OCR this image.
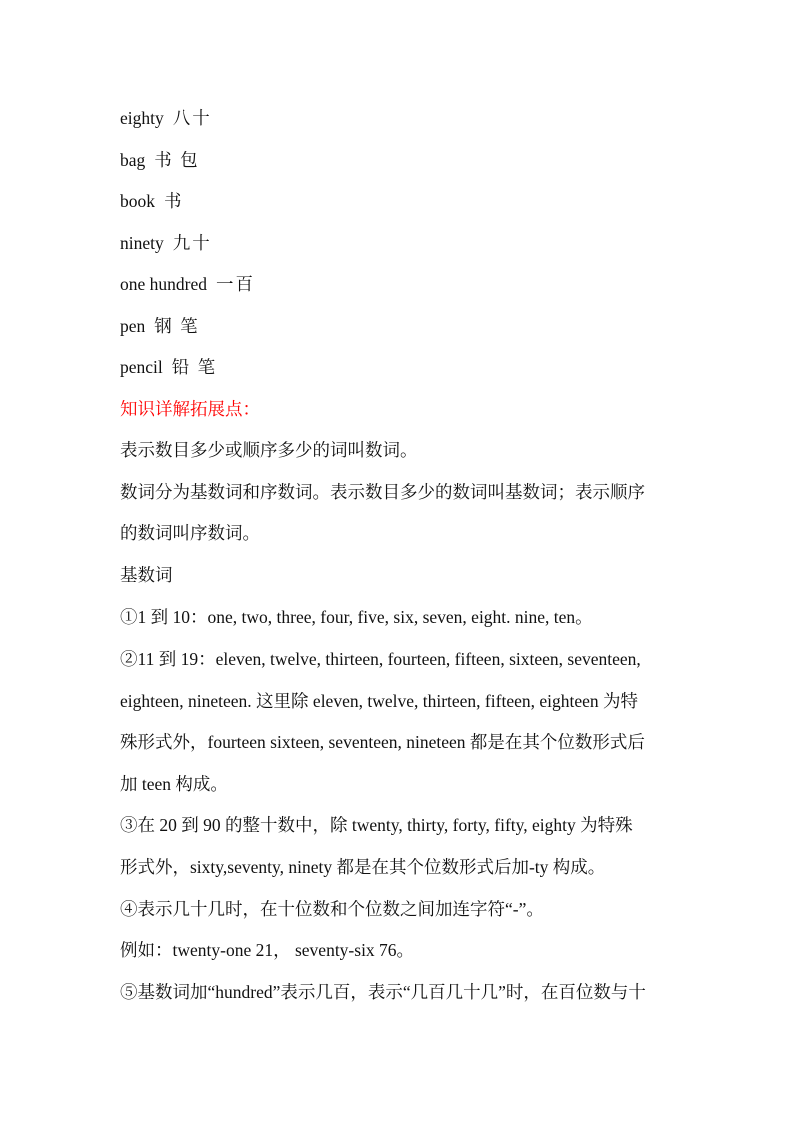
eighty 八十
bag 书 包
book 书
ninety 九十
one hundred 一百
pen 钢 笔
pencil 铅 笔
知识详解拓展点：
表示数目多少或顺序多少的词叫数词。
数词分为基数词和序数词。表示数目多少的数词叫基数词；表示顺序
的数词叫序数词。
基数词
①1 到 10：one, two, three, four, five, six, seven, eight. nine, ten。
②11 到 19：eleven, twelve, thirteen, fourteen, fifteen, sixteen, seventeen,
eighteen, nineteen. 这里除 eleven, twelve, thirteen, fifteen, eighteen 为特
殊形式外，fourteen sixteen, seventeen, nineteen 都是在其个位数形式后
加 teen 构成。
③在 20 到 90 的整十数中，除 twenty, thirty, forty, fifty, eighty 为特殊
形式外，sixty,seventy, ninety 都是在其个位数形式后加-ty 构成。
④表示几十几时，在十位数和个位数之间加连字符“-”。
例如：twenty-one 21， seventy-six 76。
⑤基数词加“hundred”表示几百，表示“几百几十几”时，在百位数与十
